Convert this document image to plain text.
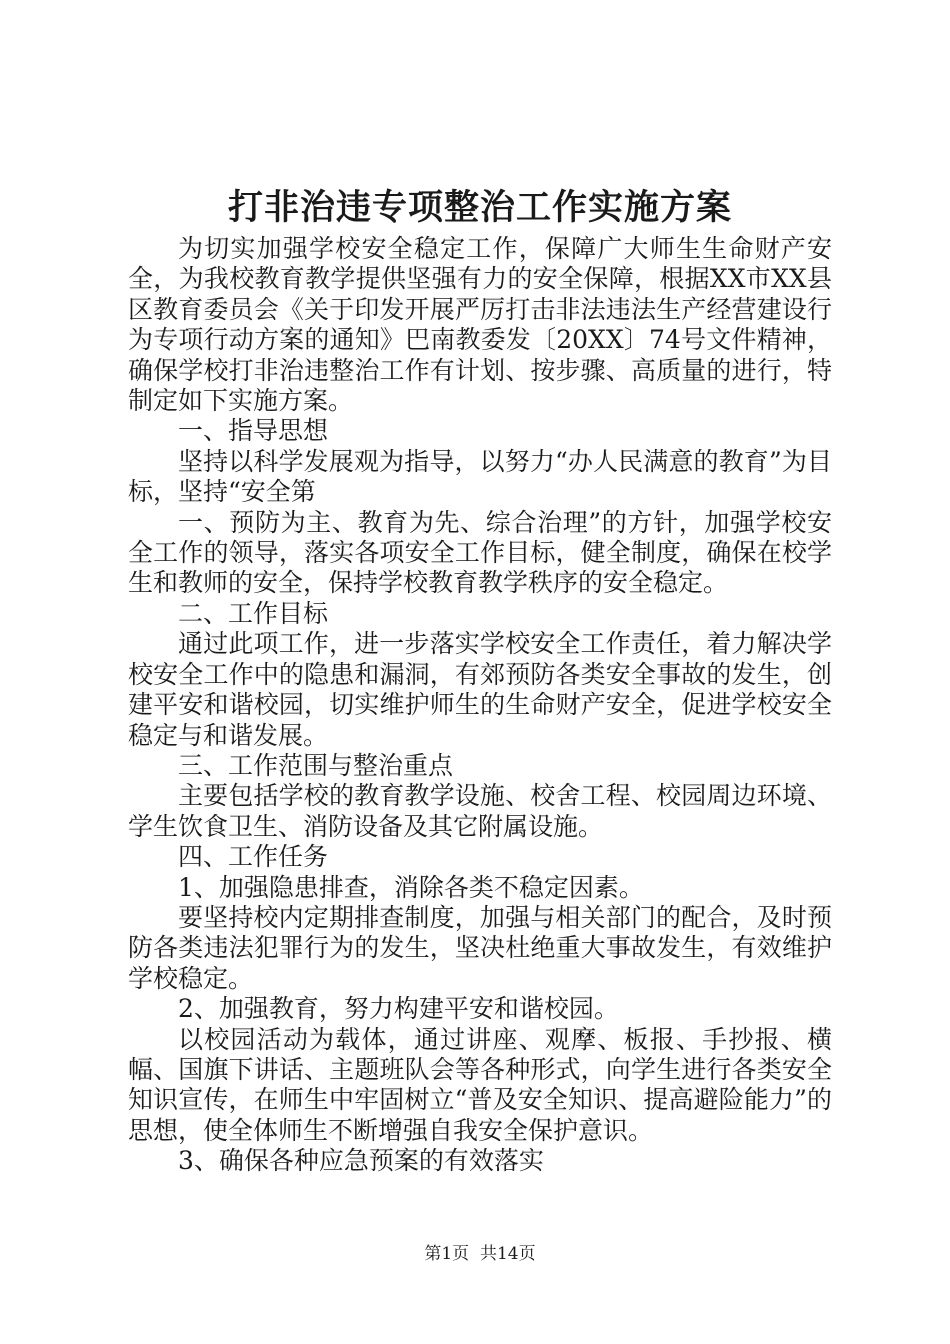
打非治违专项整治工作实施方案

为切实加强学校安全稳定工作，保障广大师生生命财产安全，为我校教育教学提供坚强有力的安全保障，根据XX市XX县区教育委员会《关于印发开展严厉打击非法违法生产经营建设行为专项行动方案的通知》巴南教委发〔20XX〕74号文件精神，确保学校打非治违整治工作有计划、按步骤、高质量的进行，特制定如下实施方案。

一、指导思想

坚持以科学发展观为指导，以努力“办人民满意的教育”为目标，坚持“安全第

一、预防为主、教育为先、综合治理”的方针，加强学校安全工作的领导，落实各项安全工作目标，健全制度，确保在校学生和教师的安全，保持学校教育教学秩序的安全稳定。

二、工作目标

通过此项工作，进一步落实学校安全工作责任，着力解决学校安全工作中的隐患和漏洞，有郊预防各类安全事故的发生，创建平安和谐校园，切实维护师生的生命财产安全，促进学校安全稳定与和谐发展。

三、工作范围与整治重点

主要包括学校的教育教学设施、校舍工程、校园周边环境、学生饮食卫生、消防设备及其它附属设施。

四、工作任务

1、加强隐患排查，消除各类不稳定因素。

要坚持校内定期排查制度，加强与相关部门的配合，及时预防各类违法犯罪行为的发生，坚决杜绝重大事故发生，有效维护学校稳定。

2、加强教育，努力构建平安和谐校园。

以校园活动为载体，通过讲座、观摩、板报、手抄报、横幅、国旗下讲话、主题班队会等各种形式，向学生进行各类安全知识宣传，在师生中牢固树立“普及安全知识、提高避险能力”的思想，使全体师生不断增强自我安全保护意识。

3、确保各种应急预案的有效落实

第1页  共14页
